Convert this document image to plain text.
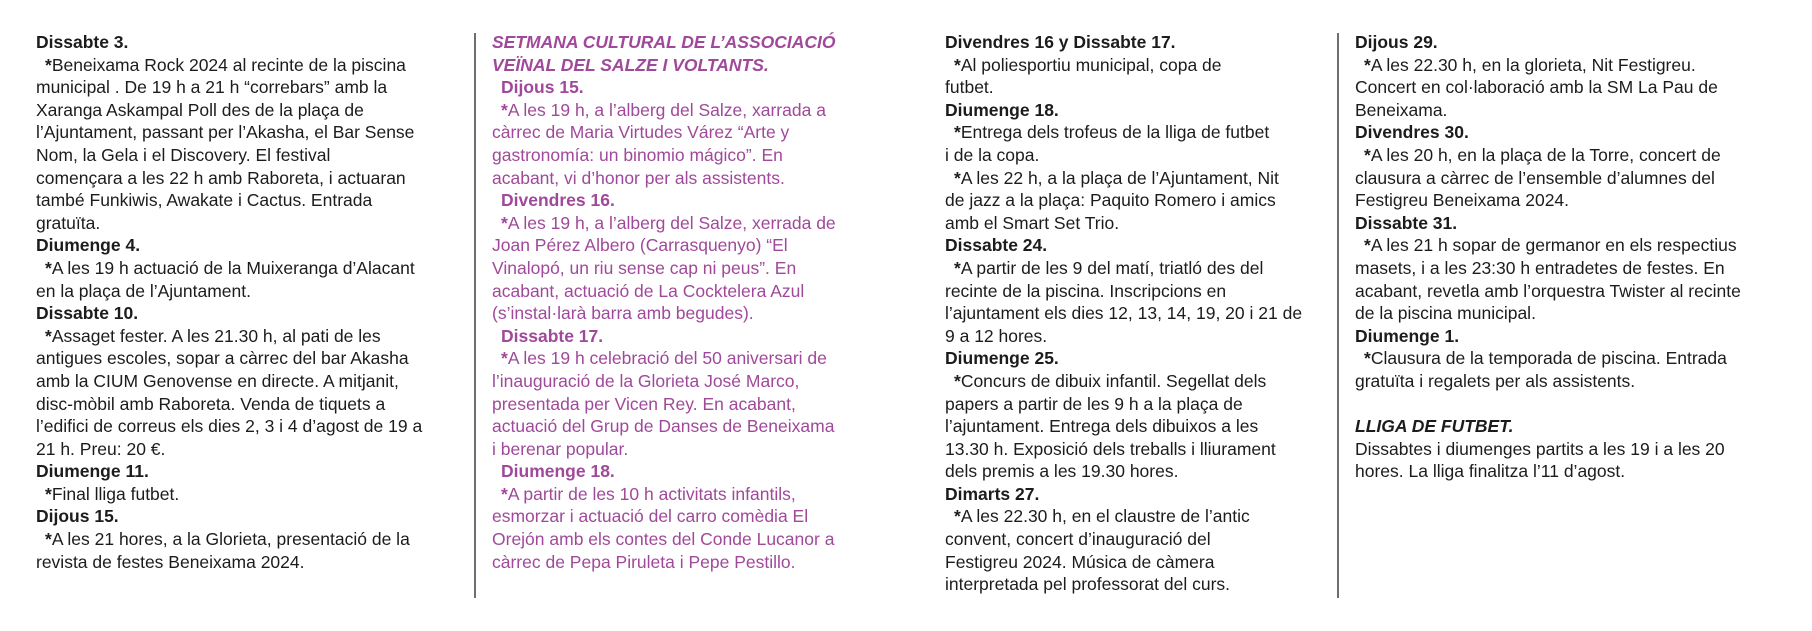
Dissabte 3.
*Beneixama Rock 2024 al recinte de la piscina
municipal . De 19 h a 21 h “correbars” amb la
Xaranga Askampal Poll des de la plaça de
l’Ajuntament, passant per l’Akasha, el Bar Sense
Nom, la Gela i el Discovery. El festival
començara a les 22 h amb Raboreta, i actuaran
també Funkiwis, Awakate i Cactus. Entrada
gratuïta.
Diumenge 4.
*A les 19 h actuació de la Muixeranga d’Alacant
en la plaça de l’Ajuntament.
Dissabte 10.
*Assaget fester. A les 21.30 h, al pati de les
antigues escoles, sopar a càrrec del bar Akasha
amb la CIUM Genovense en directe. A mitjanit,
disc-mòbil amb Raboreta. Venda de tiquets a
l’edifici de correus els dies 2, 3 i 4 d’agost de 19 a
21 h. Preu: 20 €.
Diumenge 11.
*Final lliga futbet.
Dijous 15.
*A les 21 hores, a la Glorieta, presentació de la
revista de festes Beneixama 2024.
SETMANA CULTURAL DE L’ASSOCIACIÓ
VEÏNAL DEL SALZE I VOLTANTS.
Dijous 15.
*A les 19 h, a l’alberg del Salze, xarrada a
càrrec de Maria Virtudes Várez “Arte y
gastronomía: un binomio mágico”. En
acabant, vi d’honor per als assistents.
Divendres 16.
*A les 19 h, a l’alberg del Salze, xerrada de
Joan Pérez Albero (Carrasquenyo) “El
Vinalopó, un riu sense cap ni peus”. En
acabant, actuació de La Cocktelera Azul
(s’instal·larà barra amb begudes).
Dissabte 17.
*A les 19 h celebració del 50 aniversari de
l’inauguració de la Glorieta José Marco,
presentada per Vicen Rey. En acabant,
actuació del Grup de Danses de Beneixama
i berenar popular.
Diumenge 18.
*A partir de les 10 h activitats infantils,
esmorzar i actuació del carro comèdia El
Orejón amb els contes del Conde Lucanor a
càrrec de Pepa Piruleta i Pepe Pestillo.
Divendres 16 y Dissabte 17.
*Al poliesportiu municipal, copa de
futbet.
Diumenge 18.
*Entrega dels trofeus de la lliga de futbet
i de la copa.
*A les 22 h, a la plaça de l’Ajuntament, Nit
de jazz a la plaça: Paquito Romero i amics
amb el Smart Set Trio.
Dissabte 24.
*A partir de les 9 del matí, triatló des del
recinte de la piscina. Inscripcions en
l’ajuntament els dies 12, 13, 14, 19, 20 i 21 de
9 a 12 hores.
Diumenge 25.
*Concurs de dibuix infantil. Segellat dels
papers a partir de les 9 h a la plaça de
l’ajuntament. Entrega dels dibuixos a les
13.30 h. Exposició dels treballs i lliurament
dels premis a les 19.30 hores.
Dimarts 27.
*A les 22.30 h, en el claustre de l’antic
convent, concert d’inauguració del
Festigreu 2024. Música de càmera
interpretada pel professorat del curs.
Dijous 29.
*A les 22.30 h, en la glorieta, Nit Festigreu.
Concert en col·laboració amb la SM La Pau de
Beneixama.
Divendres 30.
*A les 20 h, en la plaça de la Torre, concert de
clausura a càrrec de l’ensemble d’alumnes del
Festigreu Beneixama 2024.
Dissabte 31.
*A les 21 h sopar de germanor en els respectius
masets, i a les 23:30 h entradetes de festes. En
acabant, revetla amb l’orquestra Twister al recinte
de la piscina municipal.
Diumenge 1.
*Clausura de la temporada de piscina. Entrada
gratuïta i regalets per als assistents.
LLIGA DE FUTBET.
Dissabtes i diumenges partits a les 19 i a les 20
hores. La lliga finalitza l’11 d’agost.
